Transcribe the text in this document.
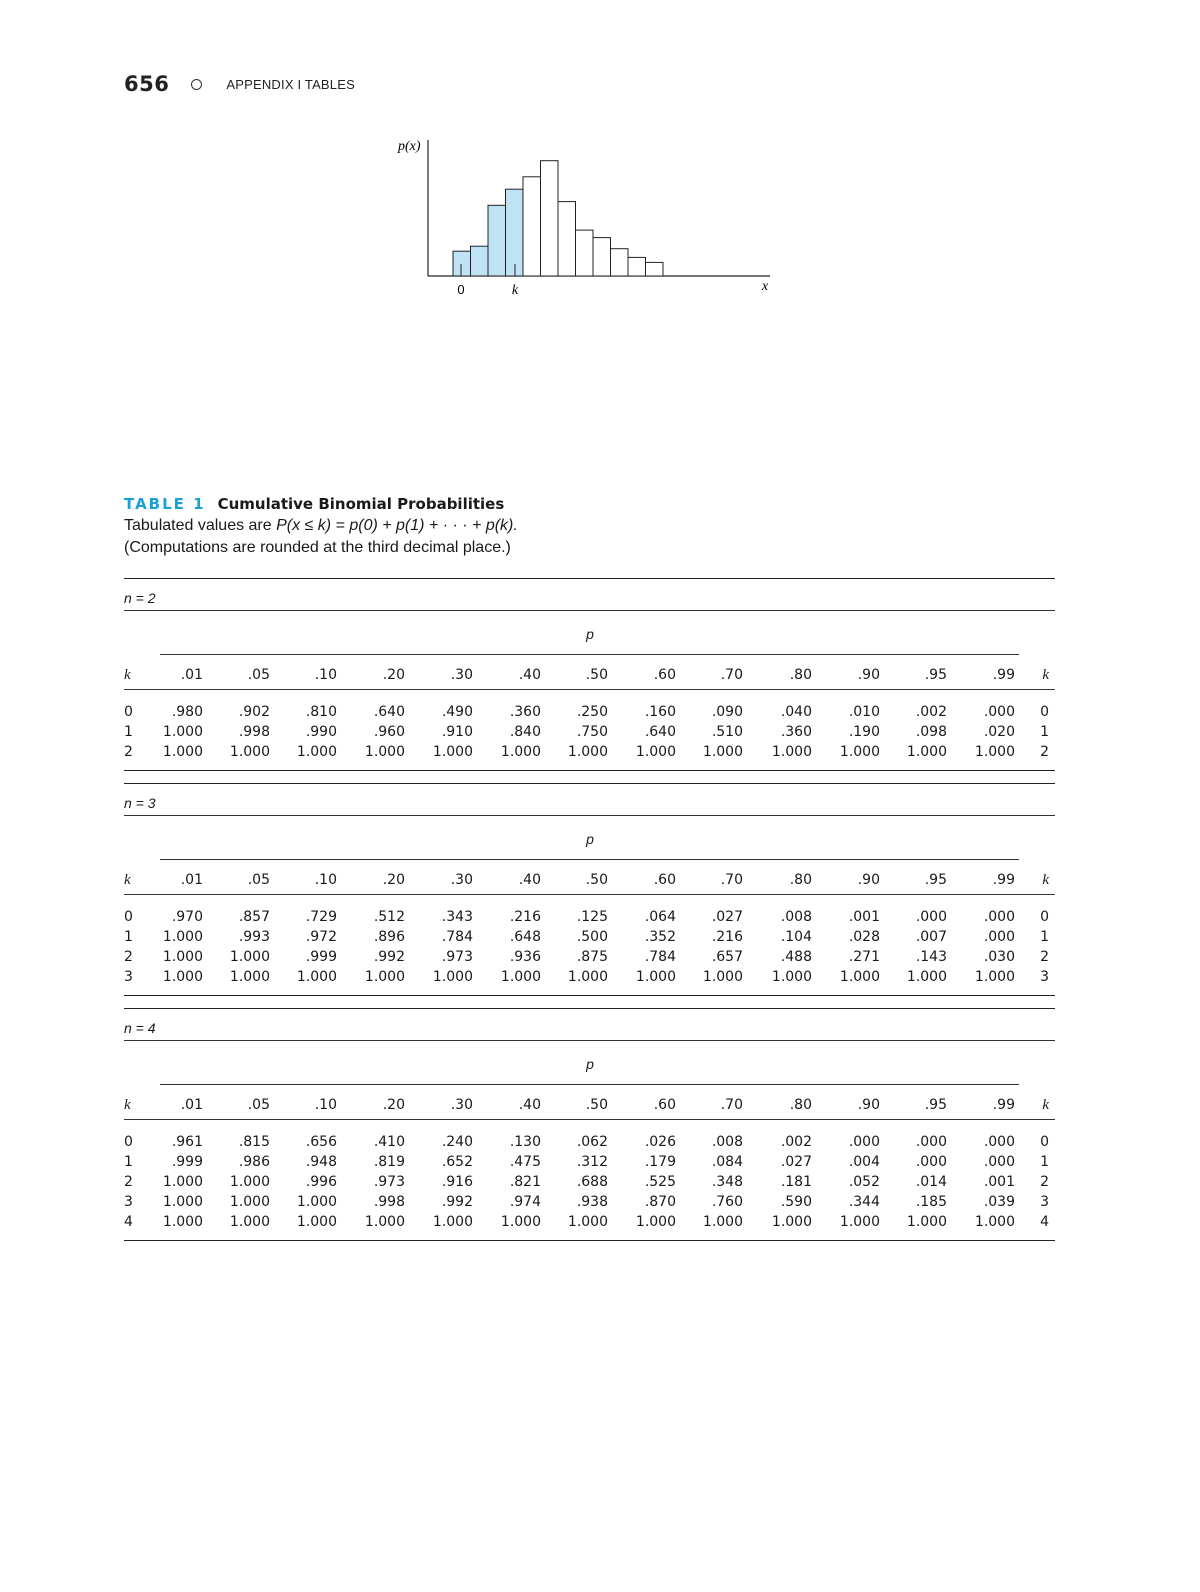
656	APPENDIX I TABLES
p(x)
0	k	x
TABLE 1 Cumulative Binomial Probabilities
Tabulated values are P(x ≤ k) = p(0) + p(1) + · · · + p(k).
(Computations are rounded at the third decimal place.)
n = 2
p
k	.01	.05	.10	.20	.30	.40	.50	.60	.70	.80	.90	.95	.99 k
0	.980	.902	.810	.640	.490	.360	.250	.160	.090	.040	.010	.002	.000 0
1	1.000	.998	.990	.960	.910	.840	.750	.640	.510	.360	.190	.098	.020 1
2	1.000	1.000	1.000	1.000	1.000	1.000	1.000	1.000	1.000	1.000	1.000	1.000	1.000 2
n = 3
p
k	.01	.05	.10	.20	.30	.40	.50	.60	.70	.80	.90	.95	.99 k
0	.970	.857	.729	.512	.343	.216	.125	.064	.027	.008	.001	.000	.000 0
1	1.000	.993	.972	.896	.784	.648	.500	.352	.216	.104	.028	.007	.000 1
2	1.000	1.000	.999	.992	.973	.936	.875	.784	.657	.488	.271	.143	.030 2
3	1.000	1.000	1.000	1.000	1.000	1.000	1.000	1.000	1.000	1.000	1.000	1.000	1.000 3
n = 4
p
k	.01	.05	.10	.20	.30	.40	.50	.60	.70	.80	.90	.95	.99 k
0	.961	.815	.656	.410	.240	.130	.062	.026	.008	.002	.000	.000	.000 0
1	.999	.986	.948	.819	.652	.475	.312	.179	.084	.027	.004	.000	.000 1
2	1.000	1.000	.996	.973	.916	.821	.688	.525	.348	.181	.052	.014	.001 2
3	1.000	1.000	1.000	.998	.992	.974	.938	.870	.760	.590	.344	.185	.039 3
4	1.000	1.000	1.000	1.000	1.000	1.000	1.000	1.000	1.000	1.000	1.000	1.000	1.000 4
